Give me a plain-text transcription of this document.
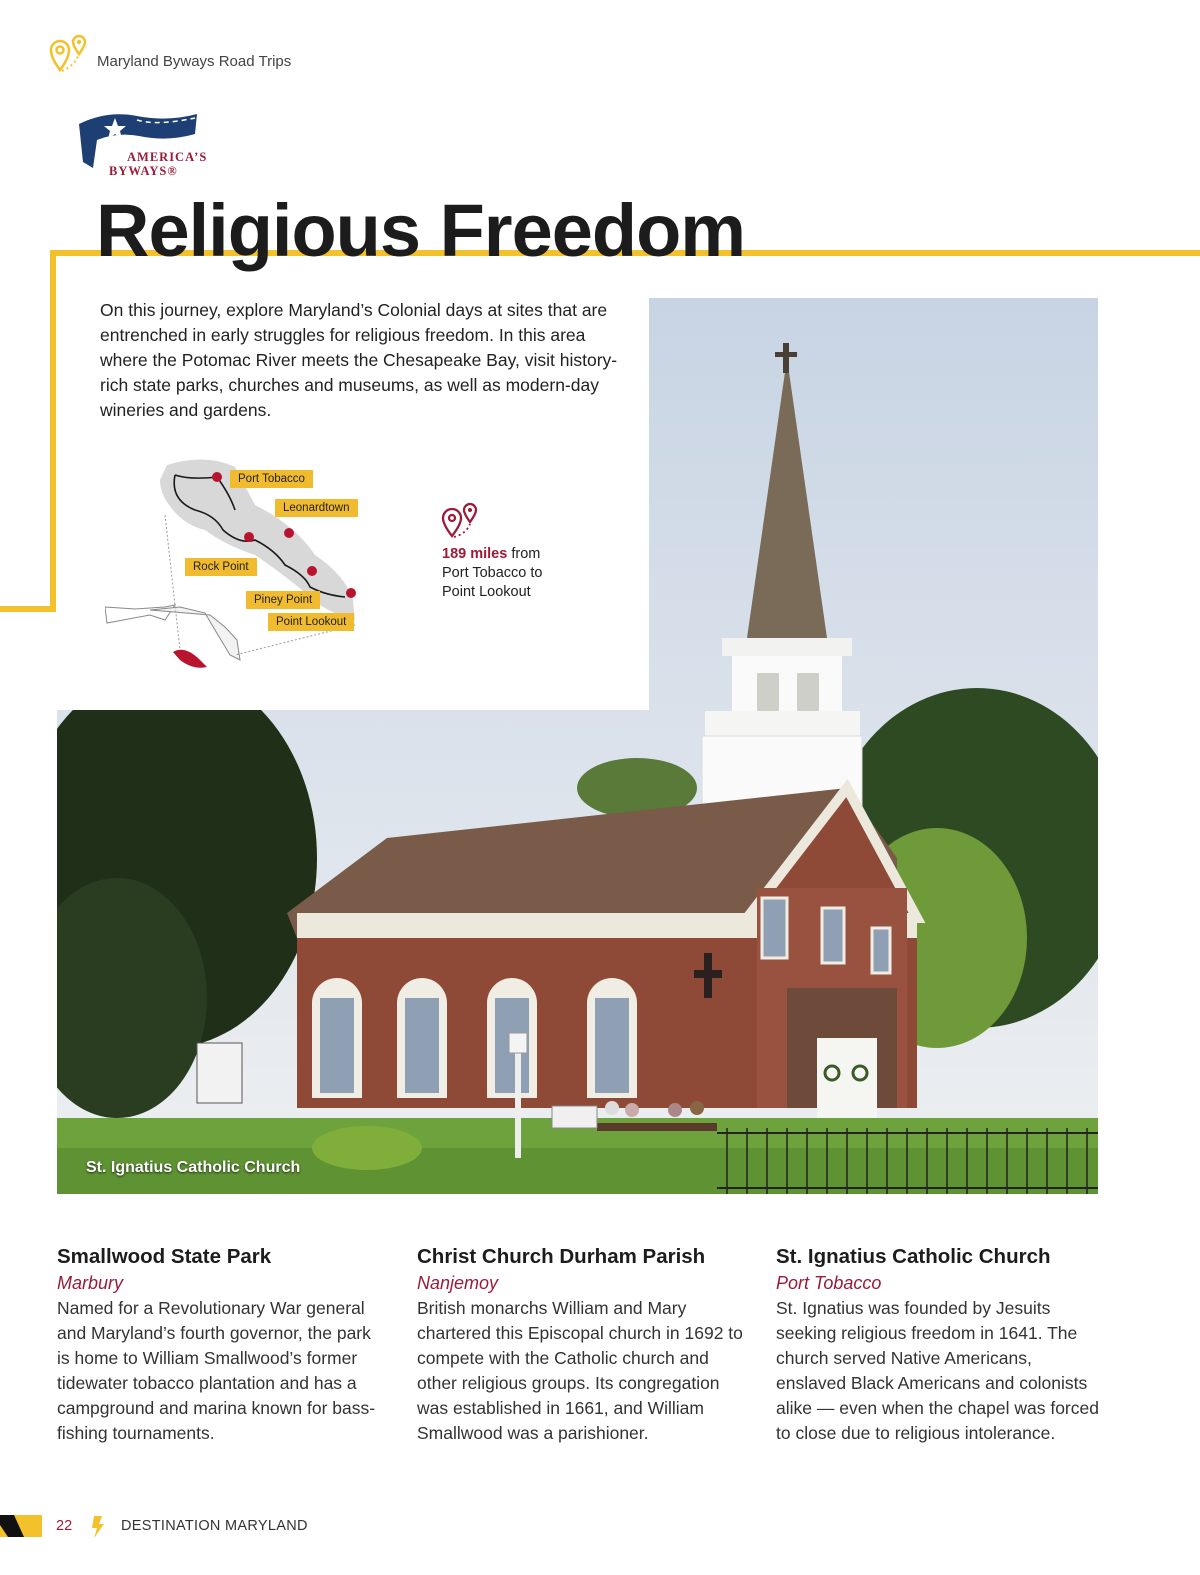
Maryland Byways Road Trips
AMERICA’S
BYWAYS®
Religious Freedom

On this journey, explore Maryland’s Colonial days at sites that are entrenched in early struggles for religious freedom. In this area where the Potomac River meets the Chesapeake Bay, visit history-rich state parks, churches and museums, as well as modern-day wineries and gardens.

Port Tobacco
Leonardtown
Rock Point
Piney Point
Point Lookout
189 miles from
Port Tobacco to
Point Lookout
St. Ignatius Catholic Church
Smallwood State Park
Marbury

Named for a Revolutionary War general and Maryland’s fourth governor, the park is home to William Smallwood’s former tidewater tobacco plantation and has a campground and marina known for bass-fishing tournaments.

Christ Church Durham Parish
Nanjemoy

British monarchs William and Mary chartered this Episcopal church in 1692 to compete with the Catholic church and other religious groups. Its congregation was established in 1661, and William Smallwood was a parishioner.

St. Ignatius Catholic Church
Port Tobacco

St. Ignatius was founded by Jesuits seeking religious freedom in 1641. The church served Native Americans, enslaved Black Americans and colonists alike — even when the chapel was forced to close due to religious intolerance.

22	DESTINATION MARYLAND
